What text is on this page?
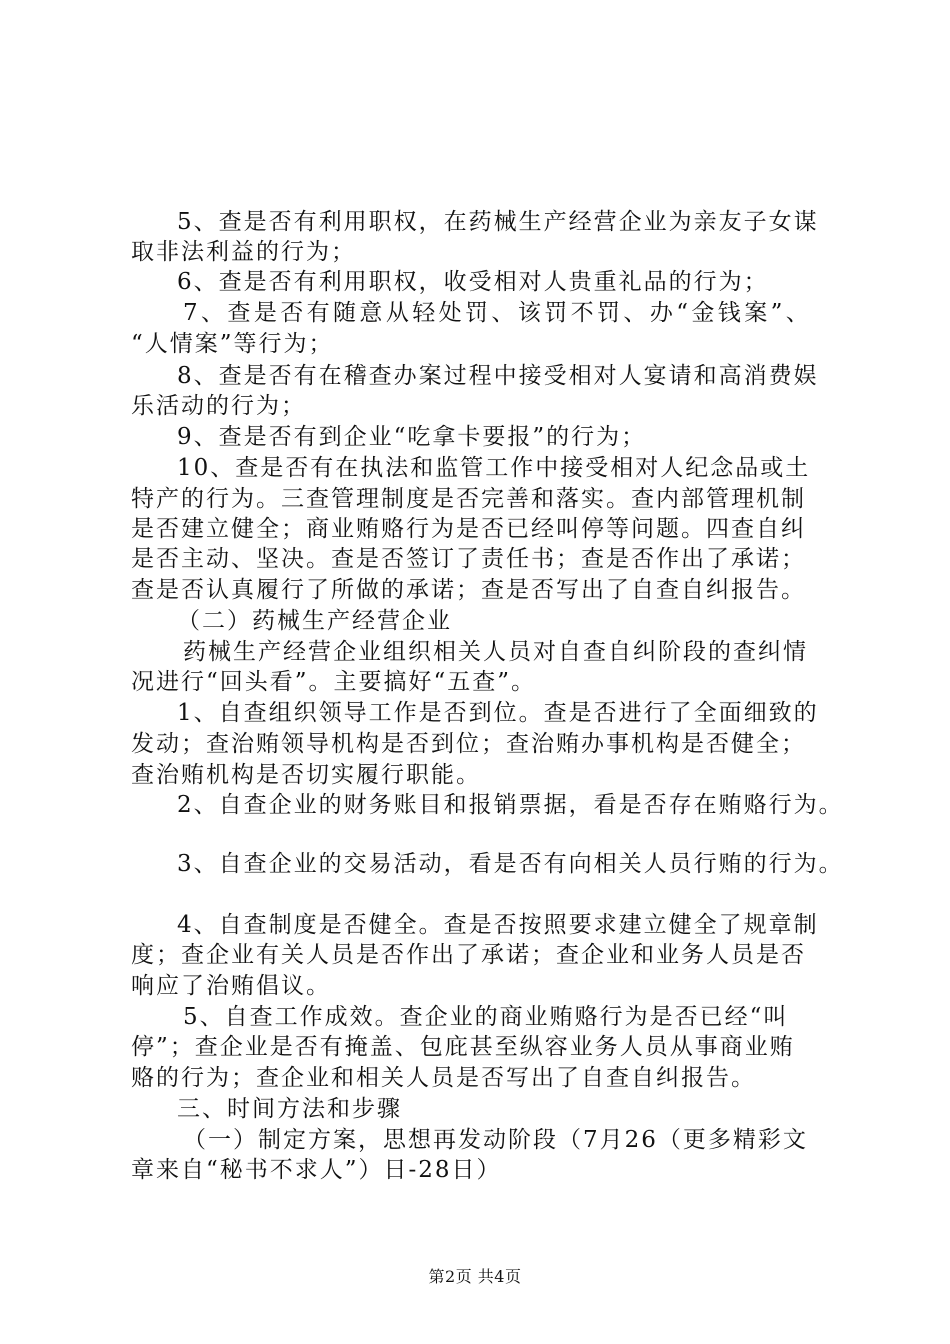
5、查是否有利用职权，在药械生产经营企业为亲友子女谋
取非法利益的行为；
6、查是否有利用职权，收受相对人贵重礼品的行为；
7、查是否有随意从轻处罚、该罚不罚、办“金钱案”、
“人情案”等行为；
8、查是否有在稽查办案过程中接受相对人宴请和高消费娱
乐活动的行为；
9、查是否有到企业“吃拿卡要报”的行为；
10、查是否有在执法和监管工作中接受相对人纪念品或土
特产的行为。三查管理制度是否完善和落实。查内部管理机制
是否建立健全；商业贿赂行为是否已经叫停等问题。四查自纠
是否主动、坚决。查是否签订了责任书；查是否作出了承诺；
查是否认真履行了所做的承诺；查是否写出了自查自纠报告。
（二）药械生产经营企业
药械生产经营企业组织相关人员对自查自纠阶段的查纠情
况进行“回头看”。主要搞好“五查”。
1、自查组织领导工作是否到位。查是否进行了全面细致的
发动；查治贿领导机构是否到位；查治贿办事机构是否健全；
查治贿机构是否切实履行职能。
2、自查企业的财务账目和报销票据，看是否存在贿赂行为。
3、自查企业的交易活动，看是否有向相关人员行贿的行为。
4、自查制度是否健全。查是否按照要求建立健全了规章制
度；查企业有关人员是否作出了承诺；查企业和业务人员是否
响应了治贿倡议。
5、自查工作成效。查企业的商业贿赂行为是否已经“叫
停”；查企业是否有掩盖、包庇甚至纵容业务人员从事商业贿
赂的行为；查企业和相关人员是否写出了自查自纠报告。
三、时间方法和步骤
（一）制定方案，思想再发动阶段（7月26（更多精彩文
章来自“秘书不求人”）日-28日）
第2页 共4页
